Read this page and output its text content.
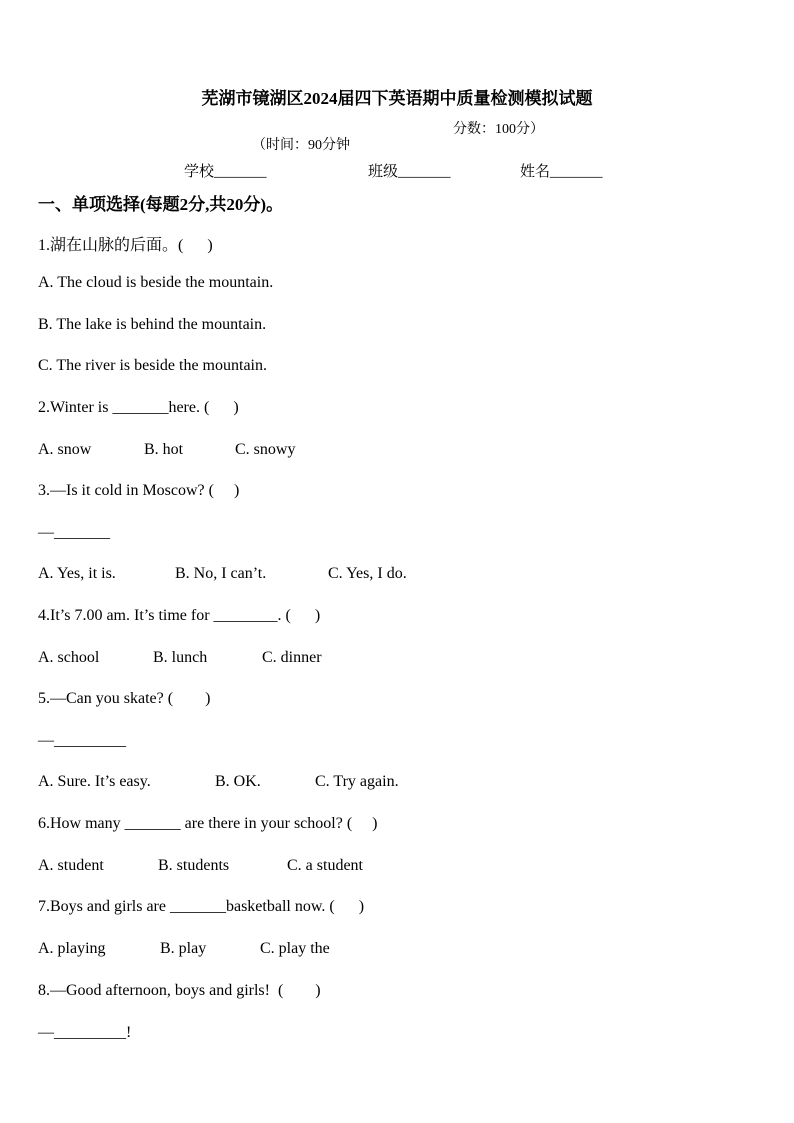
芜湖市镜湖区2024届四下英语期中质量检测模拟试题

（时间：90分钟

分数：100分）

学校_______	班级_______	姓名_______
一、单项选择(每题2分,共20分)。
1.湖在山脉的后面。(      )
A. The cloud is beside the mountain.
B. The lake is behind the mountain.
C. The river is beside the mountain.
2.Winter is _______here. (      )

A. snow

	B. hot

	C. snowy

3.—Is it cold in Moscow? (     )
—_______

A. Yes, it is.

	B. No, I can’t.

	C. Yes, I do.

4.It’s 7.00 am. It’s time for ________. (      )

A. school

	B. lunch

	C. dinner

5.—Can you skate? (        )
—_________

A. Sure. It’s easy.

	B. OK.

	C. Try again.

6.How many _______ are there in your school? (     )

A. student

	B. students

	C. a student

7.Boys and girls are _______basketball now. (      )

A. playing

	B. play

	C. play the

8.—Good afternoon, boys and girls!  (        )
—_________!
